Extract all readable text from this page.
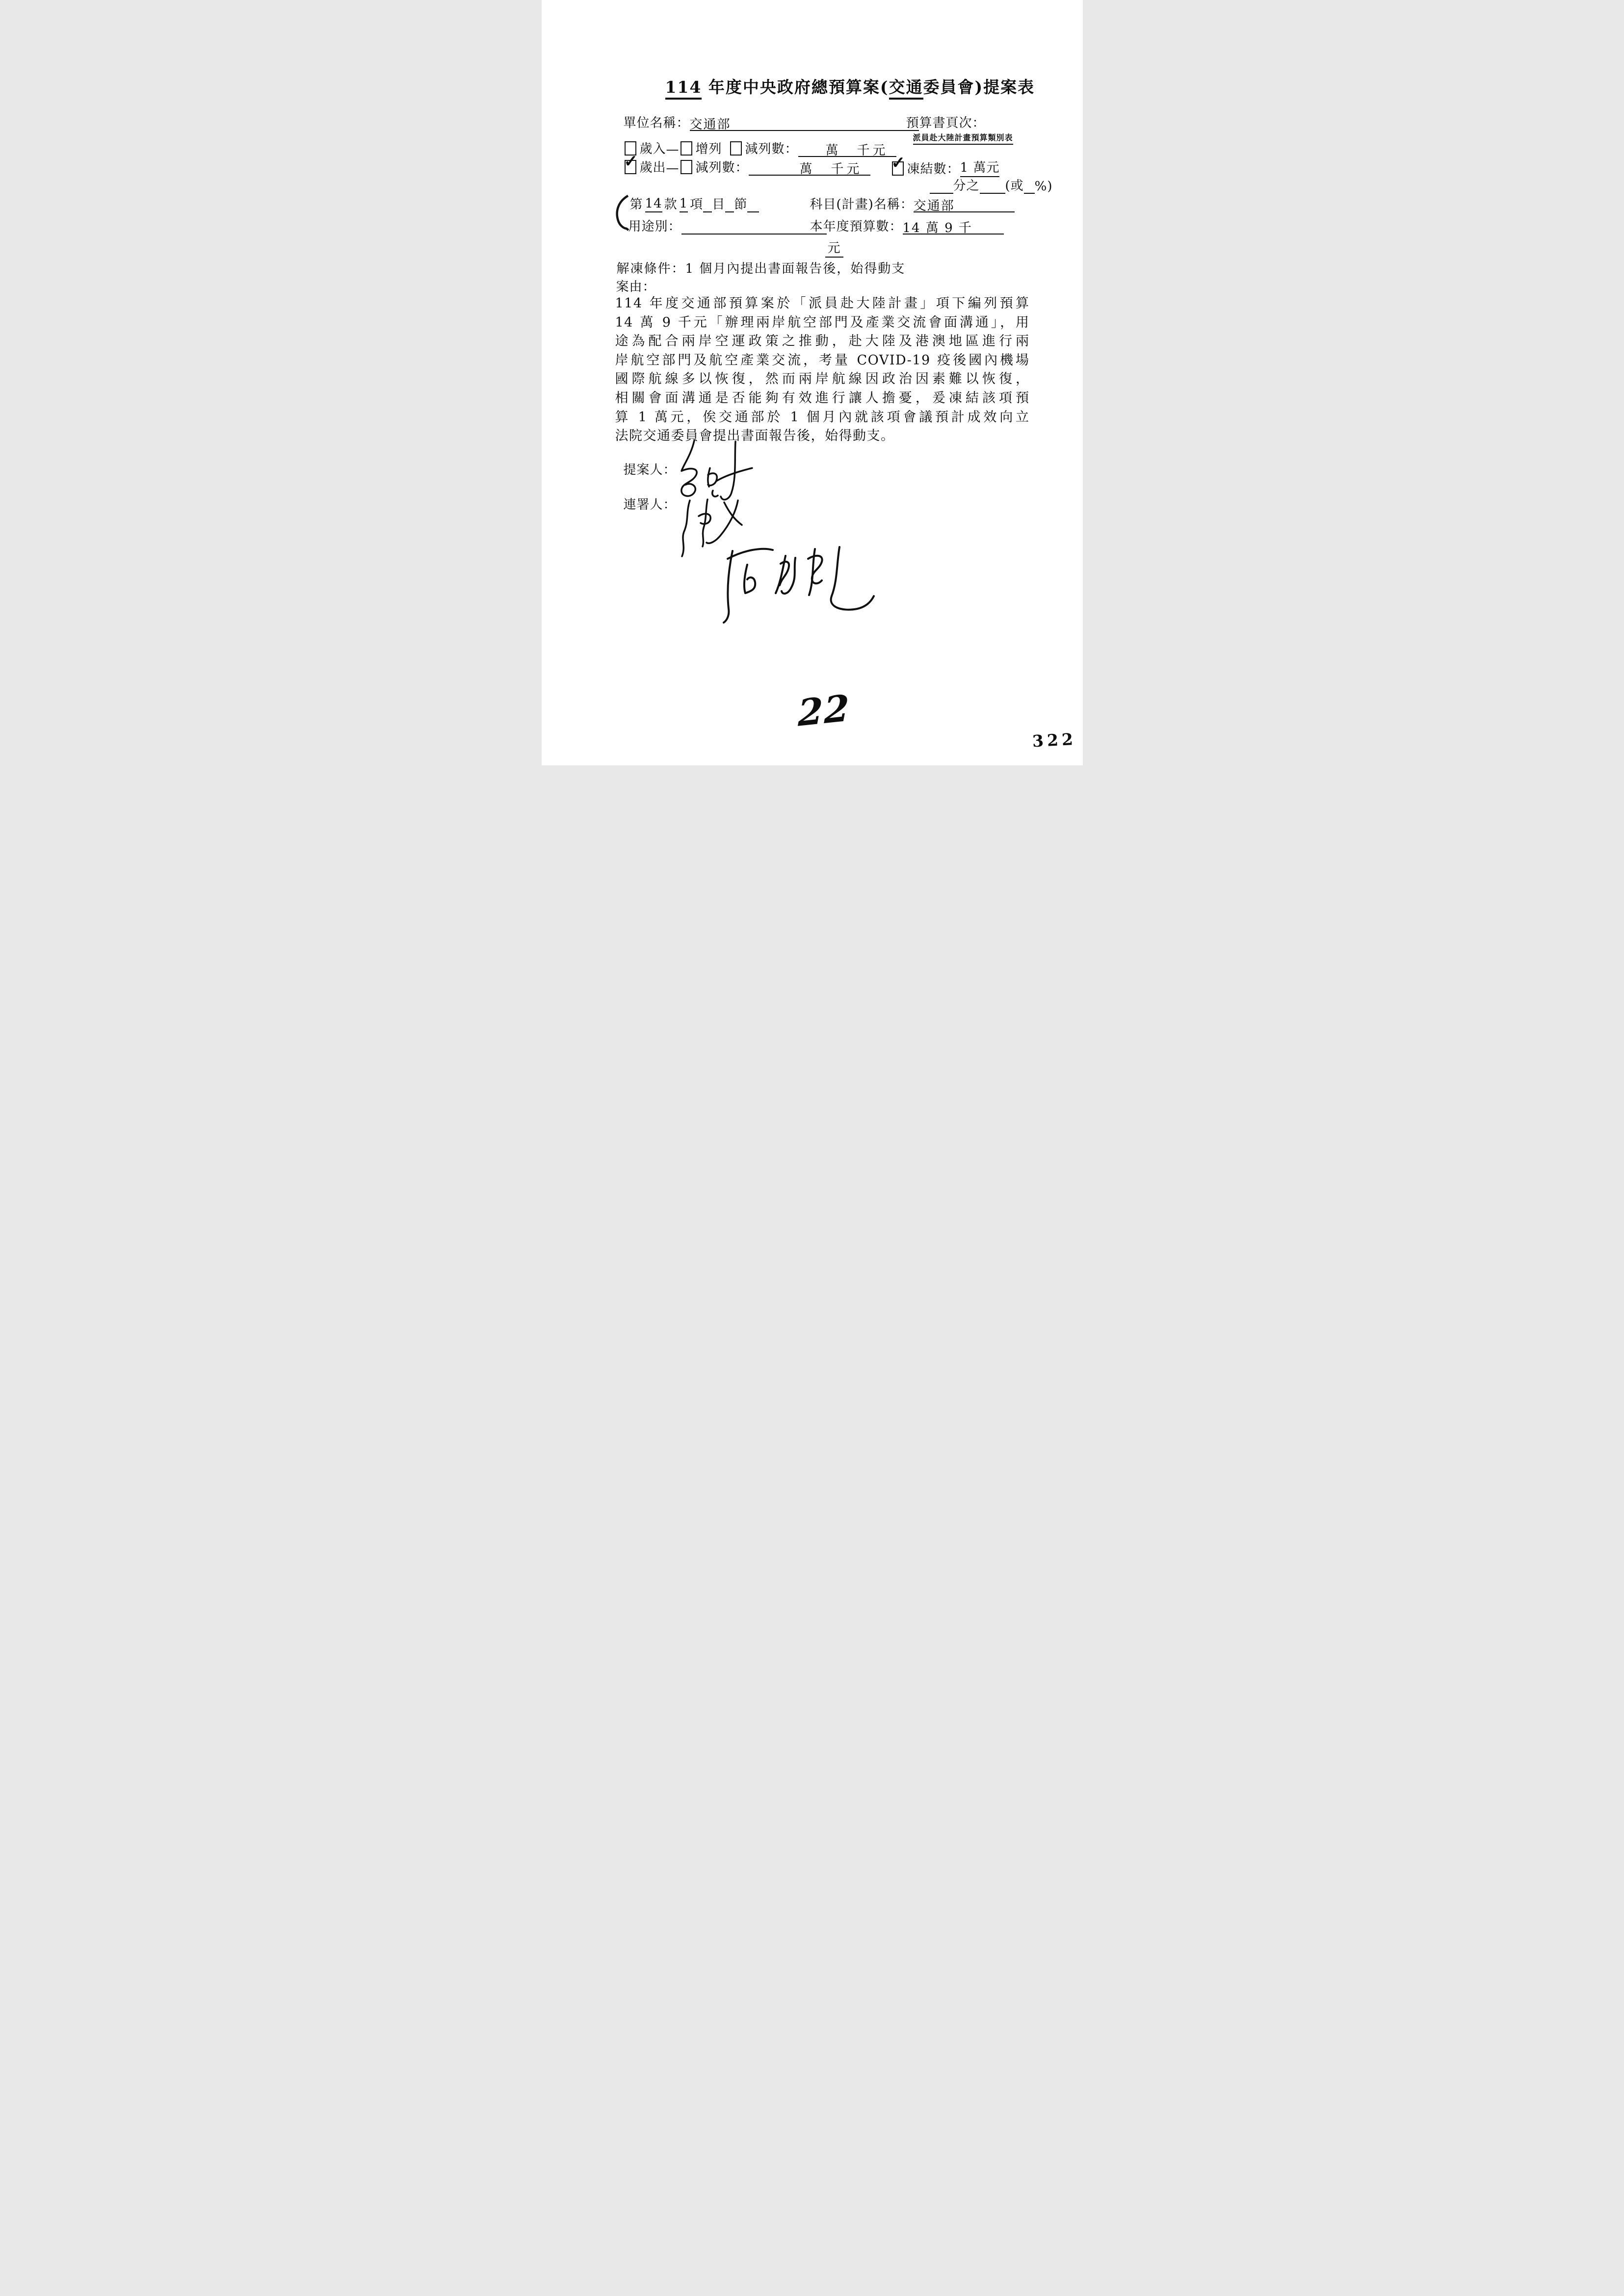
114 年度中央政府總預算案(交通委員會)提案表
單位名稱： 交通部	預算書頁次：
派員赴大陸計畫預算類別表
歲入 — 增列 減列數：	萬　千元
✓ 歲出 — 減列數：	萬　千元	✓ 凍結數： 1 萬元
分之 (或 %)
第 14 款 1 項 目 節	科目(計畫)名稱： 交通部
用途別：	本年度預算數： 14 萬 9 千
元
解凍條件：1 個月內提出書面報告後，始得動支
案由：
114 年度交通部預算案於「派員赴大陸計畫」項下編列預算
14 萬 9 千元「辦理兩岸航空部門及產業交流會面溝通」，用
途為配合兩岸空運政策之推動，赴大陸及港澳地區進行兩
岸航空部門及航空產業交流，考量 COVID-19 疫後國內機場
國際航線多以恢復，然而兩岸航線因政治因素難以恢復，
相關會面溝通是否能夠有效進行讓人擔憂，爰凍結該項預
算 1 萬元，俟交通部於 1 個月內就該項會議預計成效向立
法院交通委員會提出書面報告後，始得動支。
提案人：
連署人：
22
322
